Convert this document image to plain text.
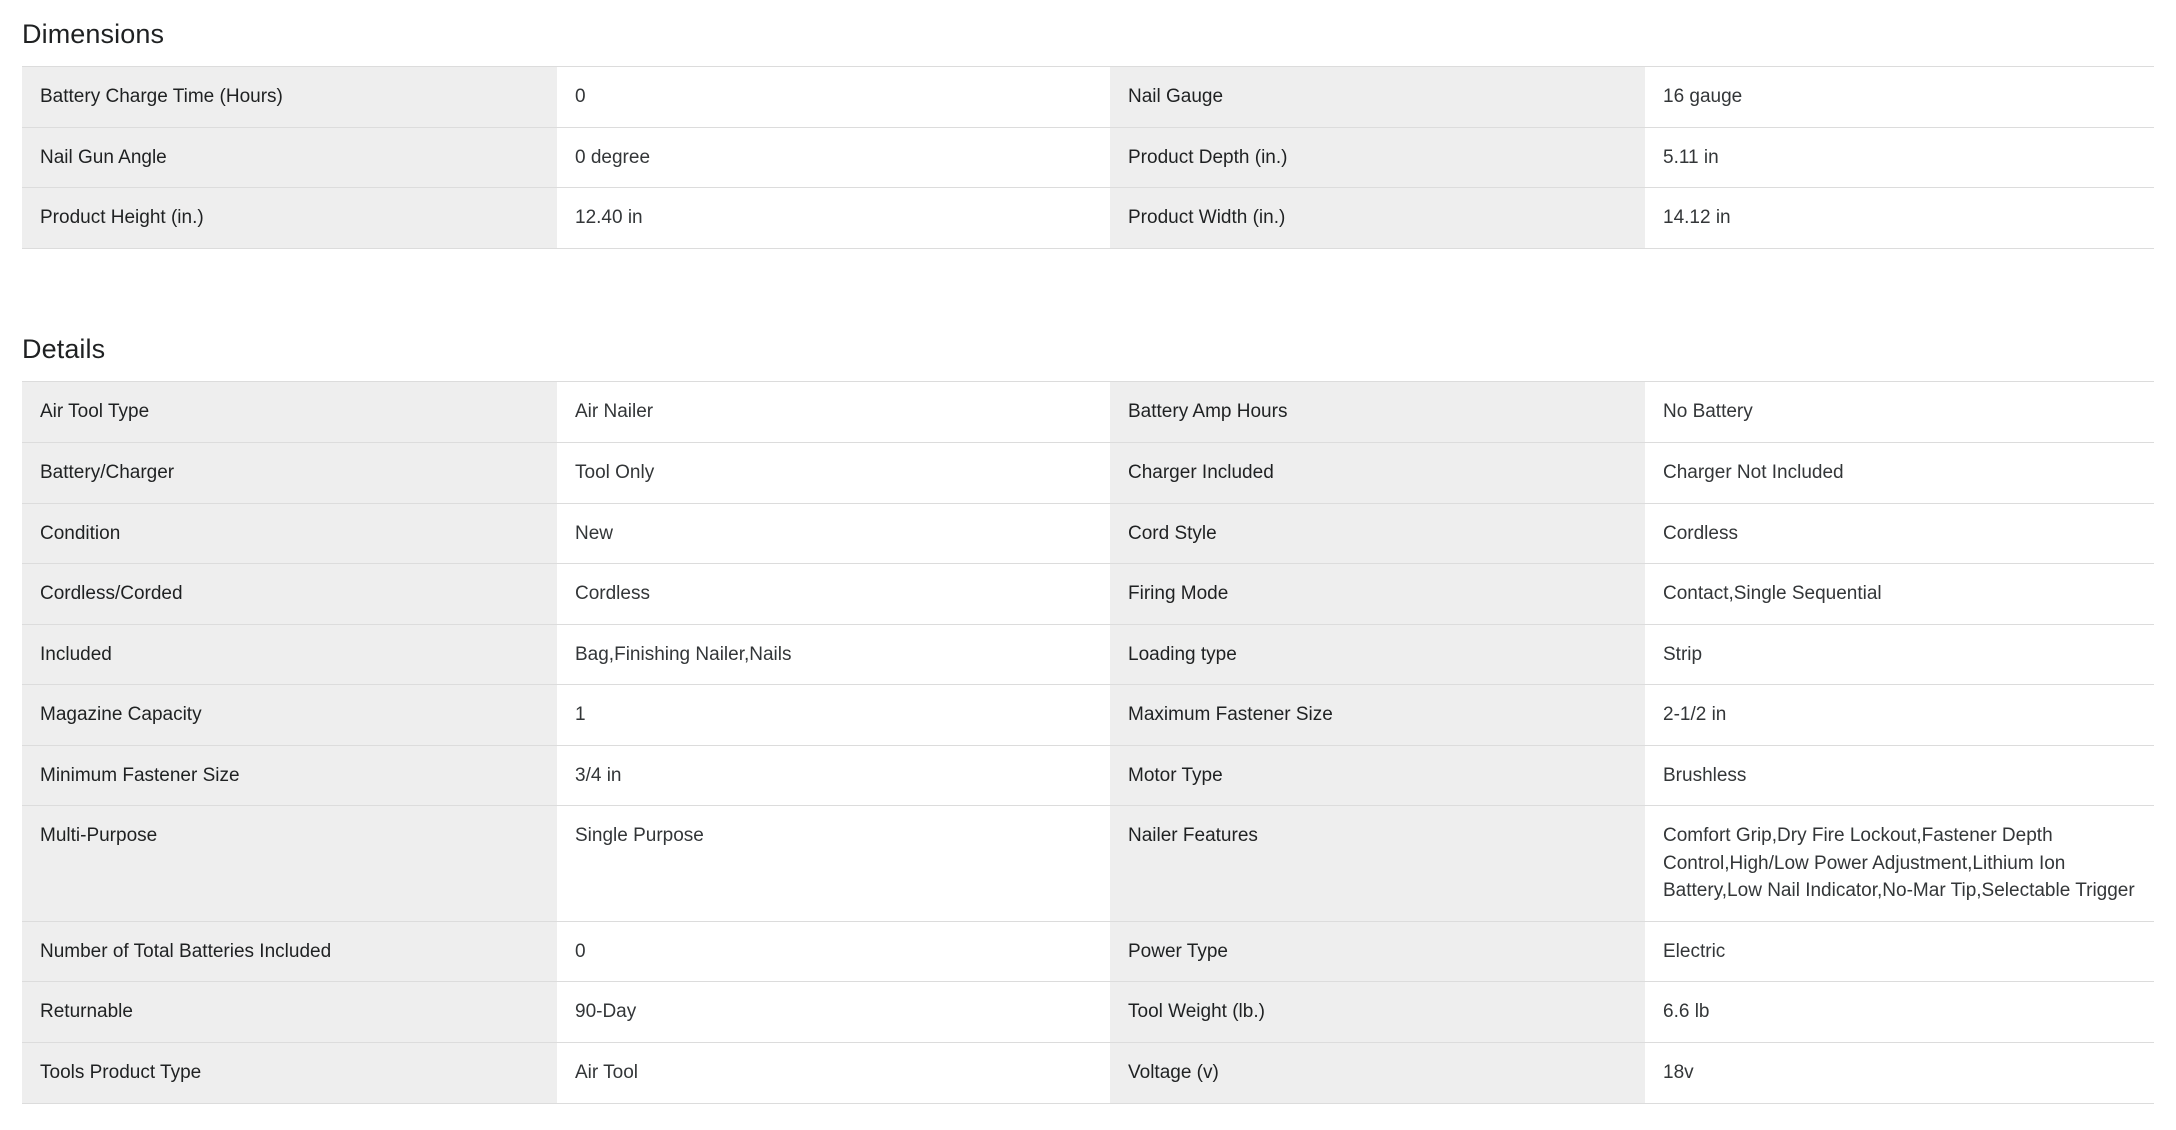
Dimensions
Battery Charge Time (Hours)	0	Nail Gauge	16 gauge
Nail Gun Angle	0 degree	Product Depth (in.)	5.11 in
Product Height (in.)	12.40 in	Product Width (in.)	14.12 in
Details
Air Tool Type	Air Nailer	Battery Amp Hours	No Battery
Battery/Charger	Tool Only	Charger Included	Charger Not Included
Condition	New	Cord Style	Cordless
Cordless/Corded	Cordless	Firing Mode	Contact,Single Sequential
Included	Bag,Finishing Nailer,Nails	Loading type	Strip
Magazine Capacity	1	Maximum Fastener Size	2-1/2 in
Minimum Fastener Size	3/4 in	Motor Type	Brushless
Multi-Purpose	Single Purpose	Nailer Features	Comfort Grip,Dry Fire Lockout,Fastener Depth Control,High/Low Power Adjustment,Lithium Ion Battery,Low Nail Indicator,No-Mar Tip,Selectable Trigger
Number of Total Batteries Included	0	Power Type	Electric
Returnable	90-Day	Tool Weight (lb.)	6.6 lb
Tools Product Type	Air Tool	Voltage (v)	18v
